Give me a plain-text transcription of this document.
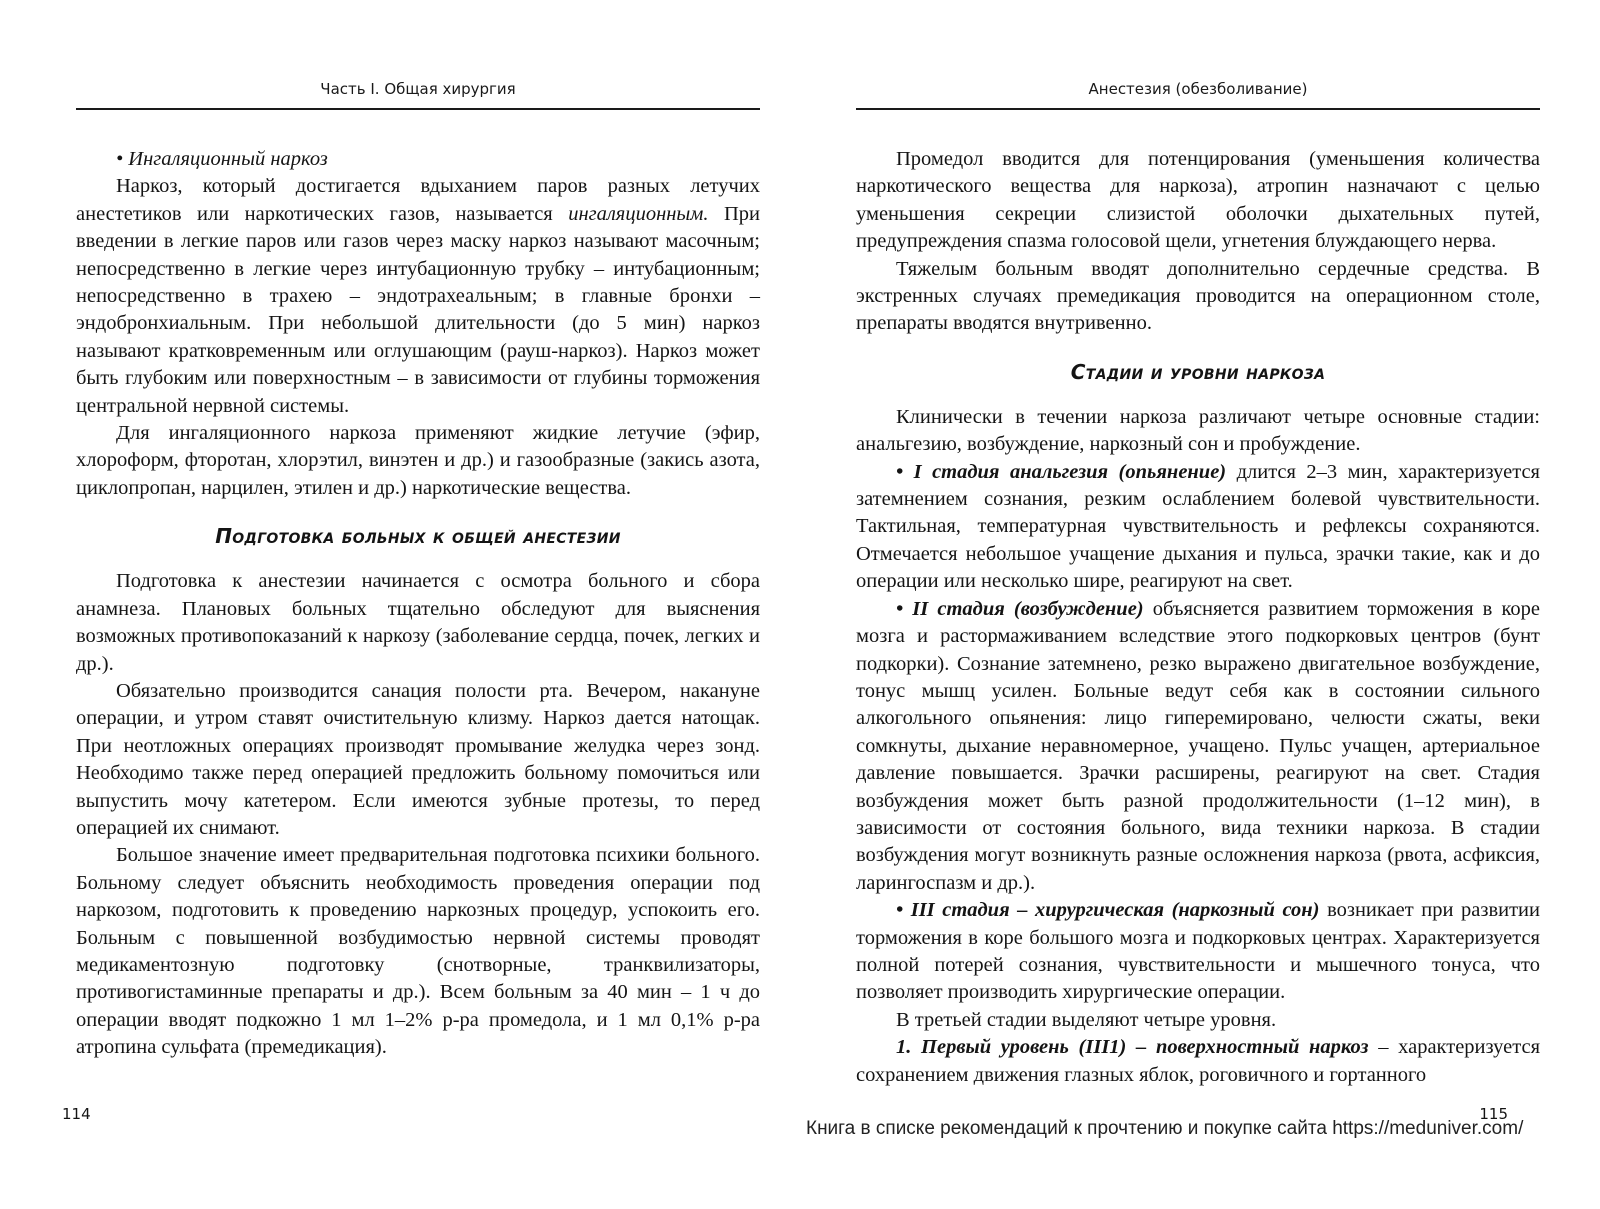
Часть I. Общая хирургия

• Ингаляционный наркоз

Наркоз, который достигается вдыханием паров разных летучих анестетиков или наркотических газов, называется ингаляционным. При введении в легкие паров или газов через маску наркоз называют масочным; непосредственно в легкие через интубационную трубку – интубационным; непосредственно в трахею – эндотрахеальным; в главные бронхи – эндобронхиальным. При небольшой длительности (до 5 мин) наркоз называют кратковременным или оглушающим (рауш-наркоз). Наркоз может быть глубоким или поверхностным – в зависимости от глубины торможения центральной нервной системы.

Для ингаляционного наркоза применяют жидкие летучие (эфир, хлороформ, фторотан, хлорэтил, винэтен и др.) и газообразные (закись азота, циклопропан, нарцилен, этилен и др.) наркотические вещества.

Подготовка больных к общей анестезии

Подготовка к анестезии начинается с осмотра больного и сбора анамнеза. Плановых больных тщательно обследуют для выяснения возможных противопоказаний к наркозу (заболевание сердца, почек, легких и др.).

Обязательно производится санация полости рта. Вечером, накануне операции, и утром ставят очистительную клизму. Наркоз дается натощак. При неотложных операциях производят промывание желудка через зонд. Необходимо также перед операцией предложить больному помочиться или выпустить мочу катетером. Если имеются зубные протезы, то перед операцией их снимают.

Большое значение имеет предварительная подготовка психики больного. Больному следует объяснить необходимость проведения операции под наркозом, подготовить к проведению наркозных процедур, успокоить его. Больным с повышенной возбудимостью нервной системы проводят медикаментозную подготовку (снотворные, транквилизаторы, противогистаминные препараты и др.). Всем больным за 40 мин – 1 ч до операции вводят подкожно 1 мл 1–2% р-ра промедола, и 1 мл 0,1% р-ра атропина сульфата (премедикация).

114
Анестезия (обезболивание)

Промедол вводится для потенцирования (уменьшения количества наркотического вещества для наркоза), атропин назначают с целью уменьшения секреции слизистой оболочки дыхательных путей, предупреждения спазма голосовой щели, угнетения блуждающего нерва.

Тяжелым больным вводят дополнительно сердечные средства. В экстренных случаях премедикация проводится на операционном столе, препараты вводятся внутривенно.

Стадии и уровни наркоза

Клинически в течении наркоза различают четыре основные стадии: анальгезию, возбуждение, наркозный сон и пробуждение.

• I стадия анальгезия (опьянение) длится 2–3 мин, характеризуется затемнением сознания, резким ослаблением болевой чувствительности. Тактильная, температурная чувствительность и рефлексы сохраняются. Отмечается небольшое учащение дыхания и пульса, зрачки такие, как и до операции или несколько шире, реагируют на свет.

• II стадия (возбуждение) объясняется развитием торможения в коре мозга и растормаживанием вследствие этого подкорковых центров (бунт подкорки). Сознание затемнено, резко выражено двигательное возбуждение, тонус мышц усилен. Больные ведут себя как в состоянии сильного алкогольного опьянения: лицо гиперемировано, челюсти сжаты, веки сомкнуты, дыхание неравномерное, учащено. Пульс учащен, артериальное давление повышается. Зрачки расширены, реагируют на свет. Стадия возбуждения может быть разной продолжительности (1–12 мин), в зависимости от состояния больного, вида техники наркоза. В стадии возбуждения могут возникнуть разные осложнения наркоза (рвота, асфиксия, ларингоспазм и др.).

• III стадия – хирургическая (наркозный сон) возникает при развитии торможения в коре большого мозга и подкорковых центрах. Характеризуется полной потерей сознания, чувствительности и мышечного тонуса, что позволяет производить хирургические операции.

В третьей стадии выделяют четыре уровня.

1. Первый уровень (III1) – поверхностный наркоз – характеризуется сохранением движения глазных яблок, роговичного и гортанного

115
Книга в списке рекомендаций к прочтению и покупке сайта https://meduniver.com/
